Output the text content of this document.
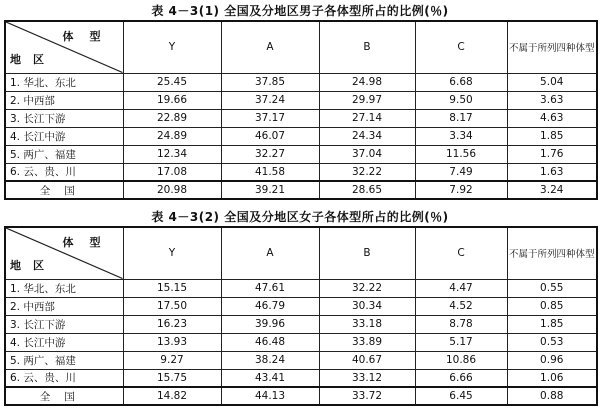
表 4－3(1) 全国及分地区男子各体型所占的比例(％)
体型
地区	Y	A	B	C	不属于所列四种体型
1. 华北、东北	25.45	37.85	24.98	6.68	5.04
2. 中西部	19.66	37.24	29.97	9.50	3.63
3. 长江下游	22.89	37.17	27.14	8.17	4.63
4. 长江中游	24.89	46.07	24.34	3.34	1.85
5. 两广、福建	12.34	32.27	37.04	11.56	1.76
6. 云、贵、川	17.08	41.58	32.22	7.49	1.63
全国	20.98	39.21	28.65	7.92	3.24
表 4－3(2) 全国及分地区女子各体型所占的比例(％)
体型
地区	Y	A	B	C	不属于所列四种体型
1. 华北、东北	15.15	47.61	32.22	4.47	0.55
2. 中西部	17.50	46.79	30.34	4.52	0.85
3. 长江下游	16.23	39.96	33.18	8.78	1.85
4. 长江中游	13.93	46.48	33.89	5.17	0.53
5. 两广、福建	9.27	38.24	40.67	10.86	0.96
6. 云、贵、川	15.75	43.41	33.12	6.66	1.06
全国	14.82	44.13	33.72	6.45	0.88
